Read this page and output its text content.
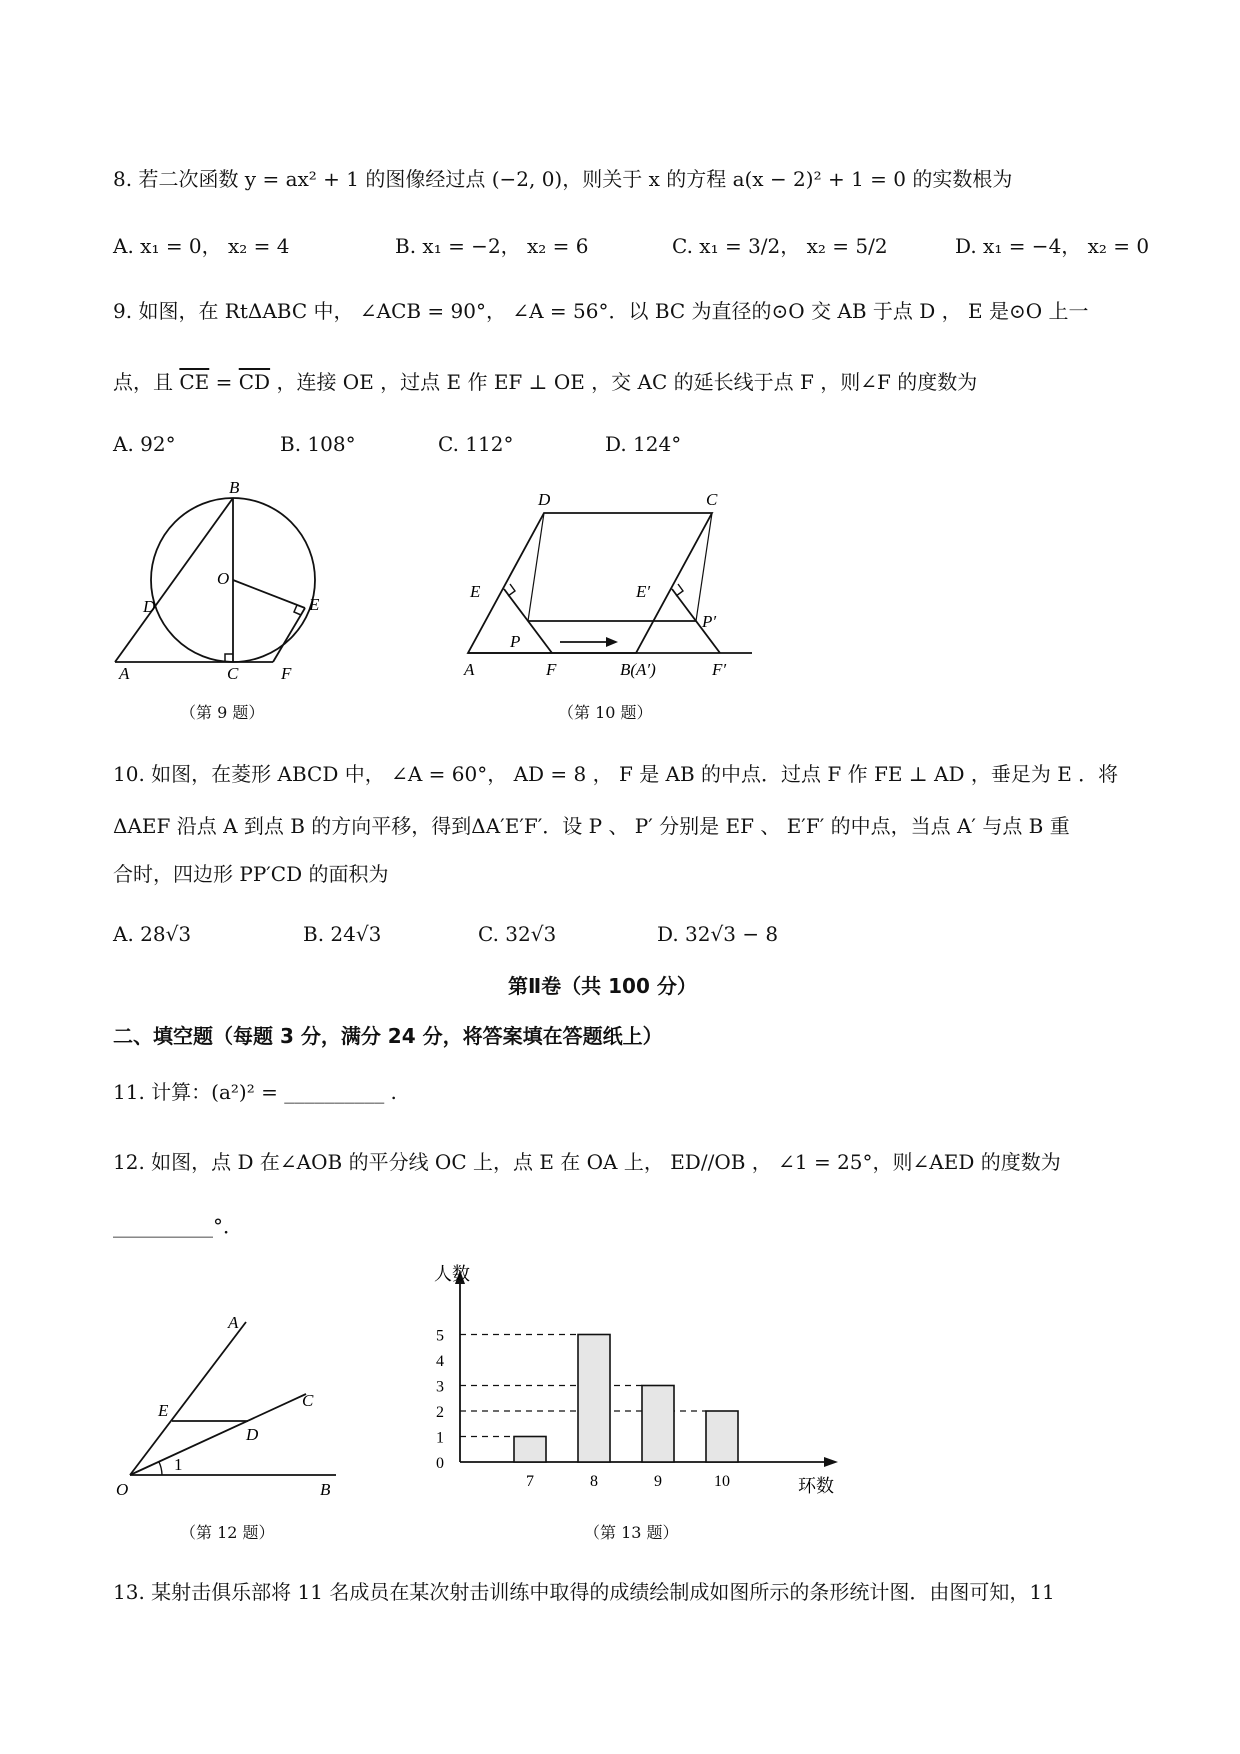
8. 若二次函数 y = ax² + 1 的图像经过点 (−2, 0)，则关于 x 的方程 a(x − 2)² + 1 = 0 的实数根为
A. x₁ = 0， x₂ = 4	B. x₁ = −2， x₂ = 6	C. x₁ = 3/2， x₂ = 5/2	D. x₁ = −4， x₂ = 0
9. 如图，在 RtΔABC 中， ∠ACB = 90°， ∠A = 56°．以 BC 为直径的⊙O 交 AB 于点 D ， E 是⊙O 上一
点，且 $\overline{CE} = \overline{CD}$ ，连接 OE ，过点 E 作 EF ⊥ OE ，交 AC 的延长线于点 F ，则∠F 的度数为
A. 92°	B. 108°	C. 112°	D. 124°
B
O
D	E
A	C	F
（第 9 题）
D	C
E	E′
P
P′
A	F	B(A′)	F′
（第 10 题）
10. 如图，在菱形 ABCD 中， ∠A = 60°， AD = 8 ， F 是 AB 的中点．过点 F 作 FE ⊥ AD ，垂足为 E ．将
ΔAEF 沿点 A 到点 B 的方向平移，得到ΔA′E′F′．设 P 、 P′ 分别是 EF 、 E′F′ 的中点，当点 A′ 与点 B 重
合时，四边形 PP′CD 的面积为
A. 28√3	B. 24√3	C. 32√3	D. 32√3 − 8
第Ⅱ卷（共 100 分）
二、填空题（每题 3 分，满分 24 分，将答案填在答题纸上）
11. 计算：(a²)² = __________ .
12. 如图，点 D 在∠AOB 的平分线 OC 上，点 E 在 OA 上， ED//OB ， ∠1 = 25°，则∠AED 的度数为
__________°．
A
E
D
C
O
1
B
（第 12 题）
人数
环数
0
1
2
3
4
5
7	8	9	10
（第 13 题）
13. 某射击俱乐部将 11 名成员在某次射击训练中取得的成绩绘制成如图所示的条形统计图．由图可知，11
